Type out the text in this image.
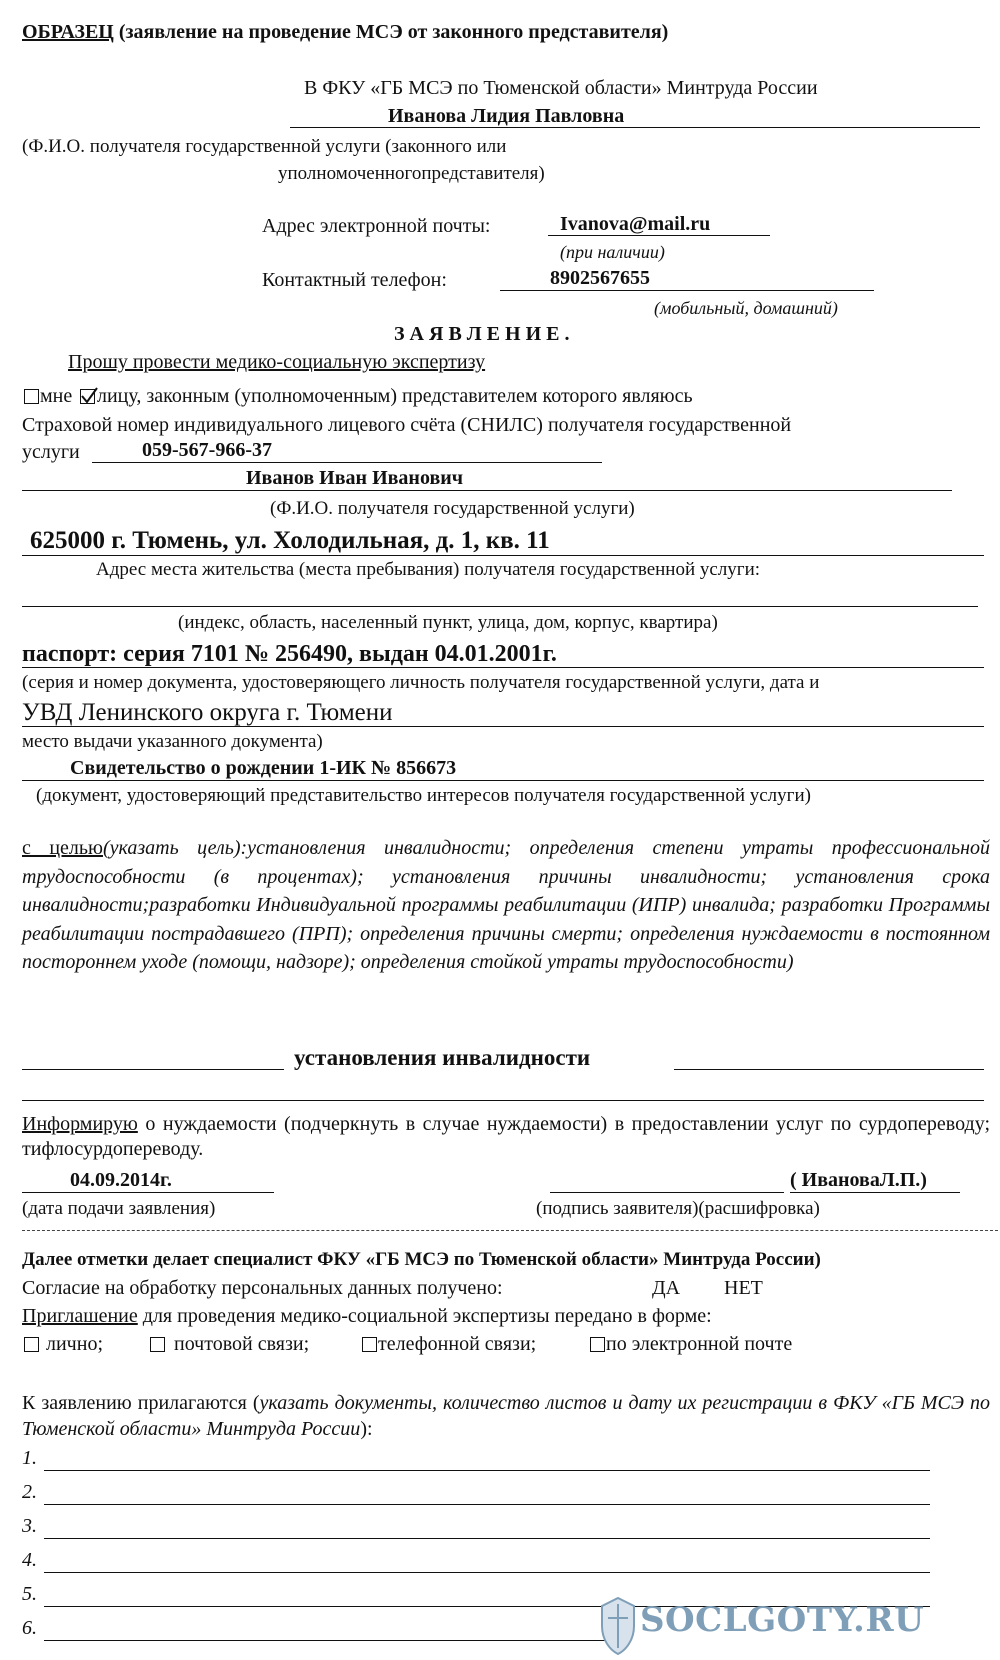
ОБРАЗЕЦ (заявление на проведение МСЭ от законного представителя)
В ФКУ «ГБ МСЭ по Тюменской области» Минтруда России
Иванова Лидия Павловна
(Ф.И.О. получателя государственной услуги (законного или
уполномоченногопредставителя)
Адрес электронной почты:	Ivanova@mail.ru
(при наличии)
Контактный телефон:	8902567655
(мобильный, домашний)
З А Я В Л Е Н И Е .
Прошу провести медико-социальную экспертизу
мне лицу, законным (уполномоченным) представителем которого являюсь
Страховой номер индивидуального лицевого счёта (СНИЛС) получателя государственной
услуги	059-567-966-37
Иванов Иван Иванович
(Ф.И.О. получателя государственной услуги)
625000 г. Тюмень, ул. Холодильная, д. 1, кв. 11
Адрес места жительства (места пребывания) получателя государственной услуги:
(индекс, область, населенный пункт, улица, дом, корпус, квартира)
паспорт: серия 7101 № 256490, выдан 04.01.2001г.
(серия и номер документа, удостоверяющего личность получателя государственной услуги, дата и
УВД Ленинского округа г. Тюмени
место выдачи указанного документа)
Свидетельство о рождении 1-ИК № 856673
(документ, удостоверяющий представительство интересов получателя государственной услуги)
с целью(указать цель):установления инвалидности; определения степени утраты профессиональной трудоспособности (в процентах); установления причины инвалидности; установления срока инвалидности;разработки Индивидуальной программы реабилитации (ИПР) инвалида; разработки Программы реабилитации пострадавшего (ПРП); определения причины смерти; определения нуждаемости в постоянном постороннем уходе (помощи, надзоре); определения стойкой утраты трудоспособности)
установления инвалидности
Информирую о нуждаемости (подчеркнуть в случае нуждаемости) в предоставлении услуг по сурдопереводу; тифлосурдопереводу.
04.09.2014г.
(дата подачи заявления)
( ИвановаЛ.П.)
(подпись заявителя)(расшифровка)
Далее отметки делает специалист ФКУ «ГБ МСЭ по Тюменской области» Минтруда России)
Согласие на обработку персональных данных получено:	ДА НЕТ
Приглашение для проведения медико-социальной экспертизы передано в форме:
лично;	почтовой связи;	телефонной связи;	по электронной почте
К заявлению прилагаются (указать документы, количество листов и дату их регистрации в ФКУ «ГБ МСЭ по Тюменской области» Минтруда России):
1.
2.
3.
4.
5.
6.	SOCLGOTY.RU
